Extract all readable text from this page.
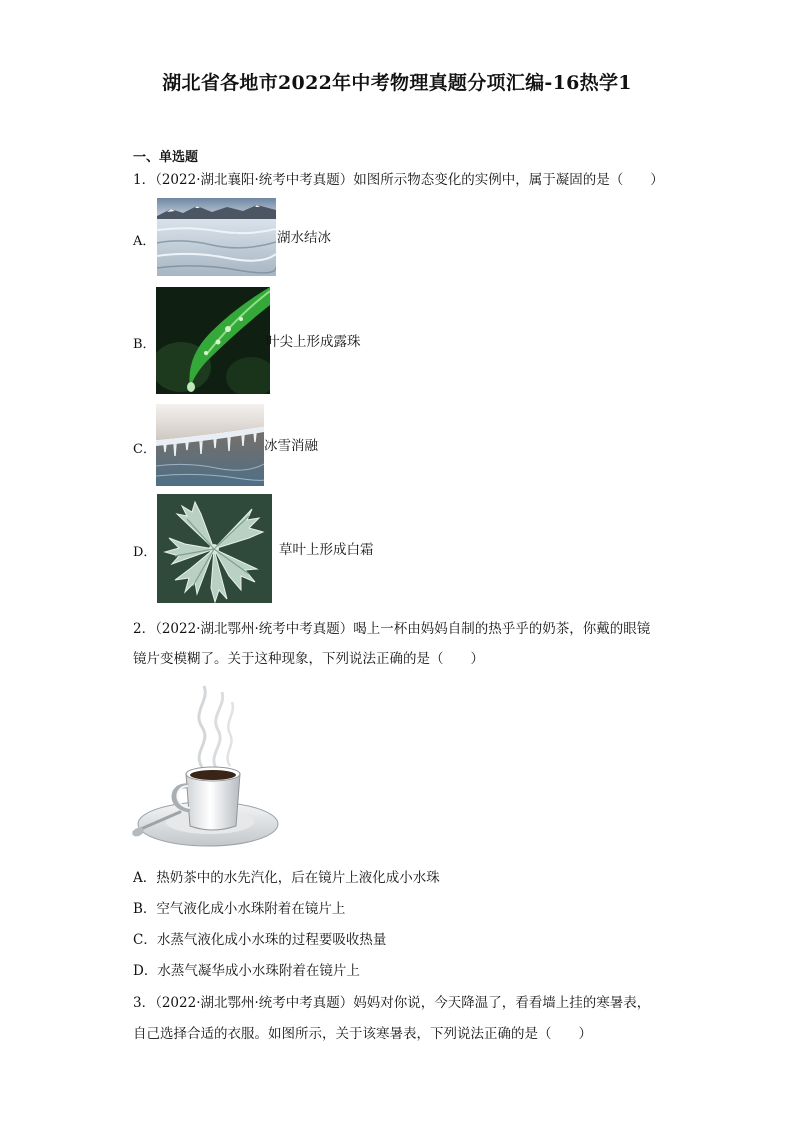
湖北省各地市2022年中考物理真题分项汇编-16热学1
一、单选题
1．（2022·湖北襄阳·统考中考真题）如图所示物态变化的实例中，属于凝固的是（　　）
A．	湖水结冰
B．	叶尖上形成露珠
C．	冰雪消融
D．	草叶上形成白霜
2．（2022·湖北鄂州·统考中考真题）喝上一杯由妈妈自制的热乎乎的奶茶，你戴的眼镜
镜片变模糊了。关于这种现象，下列说法正确的是（　　）
A．热奶茶中的水先汽化，后在镜片上液化成小水珠
B．空气液化成小水珠附着在镜片上
C．水蒸气液化成小水珠的过程要吸收热量
D．水蒸气凝华成小水珠附着在镜片上
3．（2022·湖北鄂州·统考中考真题）妈妈对你说，今天降温了，看看墙上挂的寒暑表，
自己选择合适的衣服。如图所示，关于该寒暑表，下列说法正确的是（　　）
